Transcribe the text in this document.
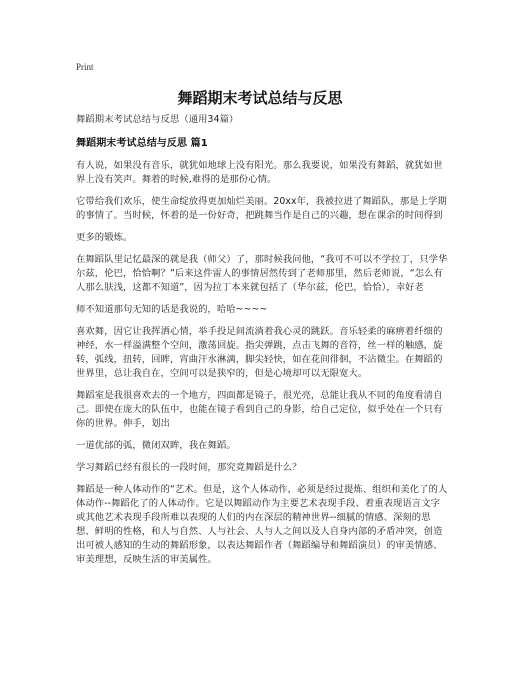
Print
舞蹈期末考试总结与反思

舞蹈期末考试总结与反思（通用34篇）

舞蹈期末考试总结与反思 篇1

有人说，如果没有音乐，就犹如地球上没有阳光。那么我要说，如果没有舞蹈，就犹如世界上没有笑声。舞着的时候,难得的是那份心情。

它带给我们欢乐，使生命绽放得更加灿烂美丽。20xx年，我被拉进了舞蹈队，那是上学期的事情了。当时候，怀着的是一份好奇，把跳舞当作是自己的兴趣，想在课余的时间得到

更多的锻炼。

在舞蹈队里记忆最深的就是我（师父）了，那时候我问他，“我可不可以不学拉丁，只学华尔兹，伦巴，恰恰啊？”后来这件雷人的事情居然传到了老师那里，然后老师说，“怎么有人那么肤浅，这都不知道”，因为拉丁本来就包括了（华尔兹，伦巴，恰恰），幸好老

师不知道那句无知的话是我说的，哈哈~~~~

喜欢舞，因它让我挥洒心情，举手投足间流淌着我心灵的跳跃。音乐轻柔的麻痹着纤细的神经，水一样溢满整个空间，激荡回旋。指尖弹跳，点击飞舞的音符，丝一样的触感，旋转，弧线，扭转，回眸，宵曲汗水淋漓，脚尖轻快，如在花间徘徊，不沾微尘。在舞蹈的世界里，总让我自在，空间可以是狭窄的，但是心境却可以无限宽大。

舞蹈室是我很喜欢去的一个地方，四面都是镜子，很光亮，总能让我从不同的角度看清自己。即使在庞大的队伍中，也能在镜子看到自己的身影，给自己定位，似乎处在一个只有你的世界。伸手，划出

一道优邰的弧，微闭双眸，我在舞蹈。

学习舞蹈已经有很长的一段时间，那究竟舞蹈是什么？

舞蹈是一种人体动作的“艺术。但是，这个人体动作，必须是经过提炼、组织和美化了的人体动作--舞蹈化了的人体动作。它是以舞蹈动作为主要艺术表现手段、着重表现语言文字或其他艺术表现手段所难以表现的人们的内在深层的精神世界--细腻的情感、深刻的思想、鲜明的性格，和人与自然、人与社会、人与人之间以及人自身内部的矛盾冲突，创造出可被人感知的生动的舞蹈形象，以表达舞蹈作者（舞蹈编导和舞蹈演员）的审美情感、审美理想，反映生活的审美属性。
